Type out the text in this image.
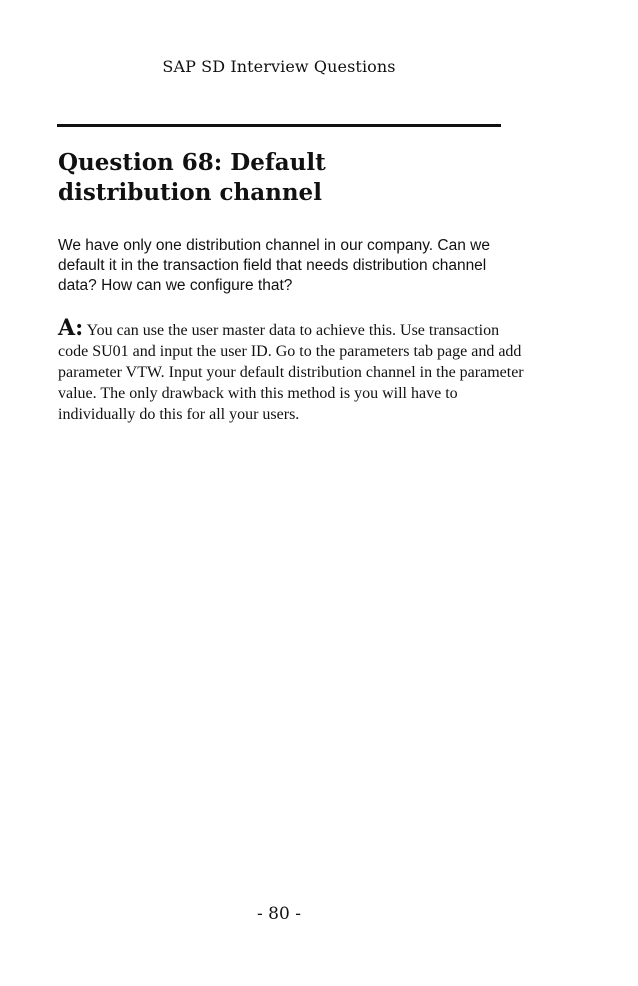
SAP SD Interview Questions
Question 68: Default distribution channel

We have only one distribution channel in our company. Can we default it in the transaction field that needs distribution channel data? How can we configure that?

A: You can use the user master data to achieve this. Use transaction code SU01 and input the user ID. Go to the parameters tab page and add parameter VTW. Input your default distribution channel in the parameter value. The only drawback with this method is you will have to individually do this for all your users.

- 80 -
